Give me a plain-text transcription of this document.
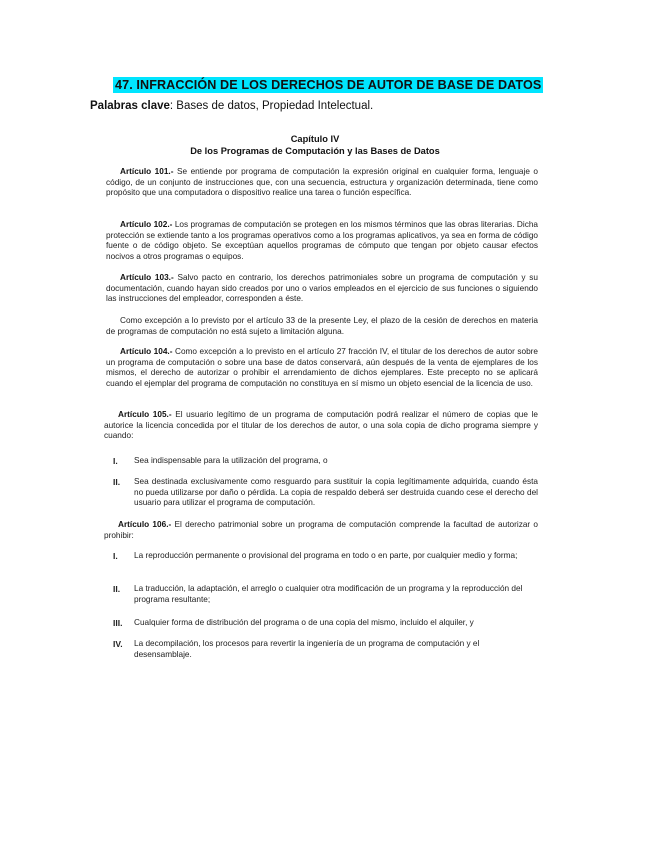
47. INFRACCIÓN DE LOS DERECHOS DE AUTOR DE BASE DE DATOS
Palabras clave: Bases de datos, Propiedad Intelectual.
Capítulo IV
De los Programas de Computación y las Bases de Datos
Artículo 101.- Se entiende por programa de computación la expresión original en cualquier forma, lenguaje o código, de un conjunto de instrucciones que, con una secuencia, estructura y organización determinada, tiene como propósito que una computadora o dispositivo realice una tarea o función específica.
Artículo 102.- Los programas de computación se protegen en los mismos términos que las obras literarias. Dicha protección se extiende tanto a los programas operativos como a los programas aplicativos, ya sea en forma de código fuente o de código objeto. Se exceptúan aquellos programas de cómputo que tengan por objeto causar efectos nocivos a otros programas o equipos.
Artículo 103.- Salvo pacto en contrario, los derechos patrimoniales sobre un programa de computación y su documentación, cuando hayan sido creados por uno o varios empleados en el ejercicio de sus funciones o siguiendo las instrucciones del empleador, corresponden a éste.
Como excepción a lo previsto por el artículo 33 de la presente Ley, el plazo de la cesión de derechos en materia de programas de computación no está sujeto a limitación alguna.
Artículo 104.- Como excepción a lo previsto en el artículo 27 fracción IV, el titular de los derechos de autor sobre un programa de computación o sobre una base de datos conservará, aún después de la venta de ejemplares de los mismos, el derecho de autorizar o prohibir el arrendamiento de dichos ejemplares. Este precepto no se aplicará cuando el ejemplar del programa de computación no constituya en sí mismo un objeto esencial de la licencia de uso.
Artículo 105.- El usuario legítimo de un programa de computación podrá realizar el número de copias que le autorice la licencia concedida por el titular de los derechos de autor, o una sola copia de dicho programa siempre y cuando:
I. Sea indispensable para la utilización del programa, o
II. Sea destinada exclusivamente como resguardo para sustituir la copia legítimamente adquirida, cuando ésta no pueda utilizarse por daño o pérdida. La copia de respaldo deberá ser destruida cuando cese el derecho del usuario para utilizar el programa de computación.
Artículo 106.- El derecho patrimonial sobre un programa de computación comprende la facultad de autorizar o prohibir:
I. La reproducción permanente o provisional del programa en todo o en parte, por cualquier medio y forma;
II. La traducción, la adaptación, el arreglo o cualquier otra modificación de un programa y la reproducción del programa resultante;
III. Cualquier forma de distribución del programa o de una copia del mismo, incluido el alquiler, y
IV. La decompilación, los procesos para revertir la ingeniería de un programa de computación y el desensamblaje.
